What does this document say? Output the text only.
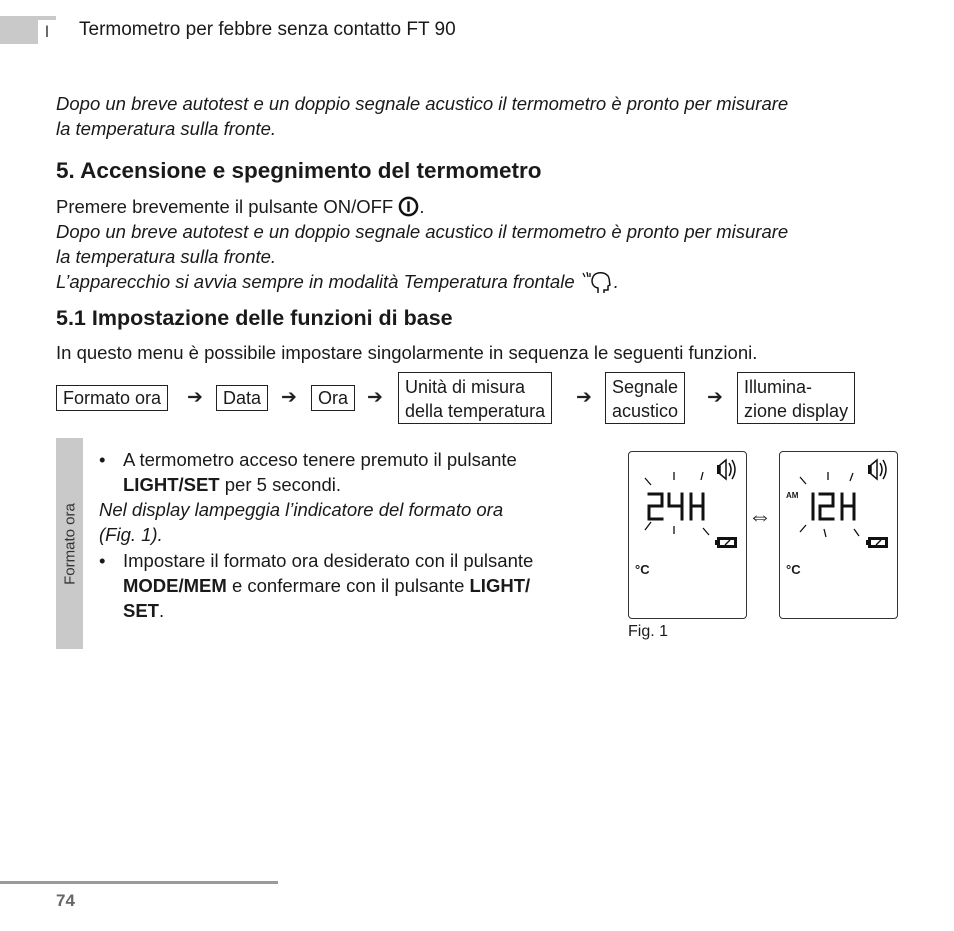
I	Termometro per febbre senza contatto FT 90
Dopo un breve autotest e un doppio segnale acustico il termometro è pronto per misurare
la temperatura sulla fronte.
5. Accensione e spegnimento del termometro
Premere brevemente il pulsante ON/OFF .
Dopo un breve autotest e un doppio segnale acustico il termometro è pronto per misurare
la temperatura sulla fronte.
L’apparecchio si avvia sempre in modalità Temperatura frontale .
5.1 Impostazione delle funzioni di base
In questo menu è possibile impostare singolarmente in sequenza le seguenti funzioni.
Formato ora	➔	Data	➔	Ora ➔	Unità di misura
della temperatura
➔	Segnale
acustico
➔	Illumina-
zione display
Formato ora
• A termometro acceso tenere premuto il pulsante
LIGHT/SET per 5 secondi.
Nel display lampeggia l’indicatore del formato ora
(Fig. 1).
• Impostare il formato ora desiderato con il pulsante
MODE/MEM e confermare con il pulsante LIGHT/
SET.
°C
⇔
AM
°C
Fig. 1
74
